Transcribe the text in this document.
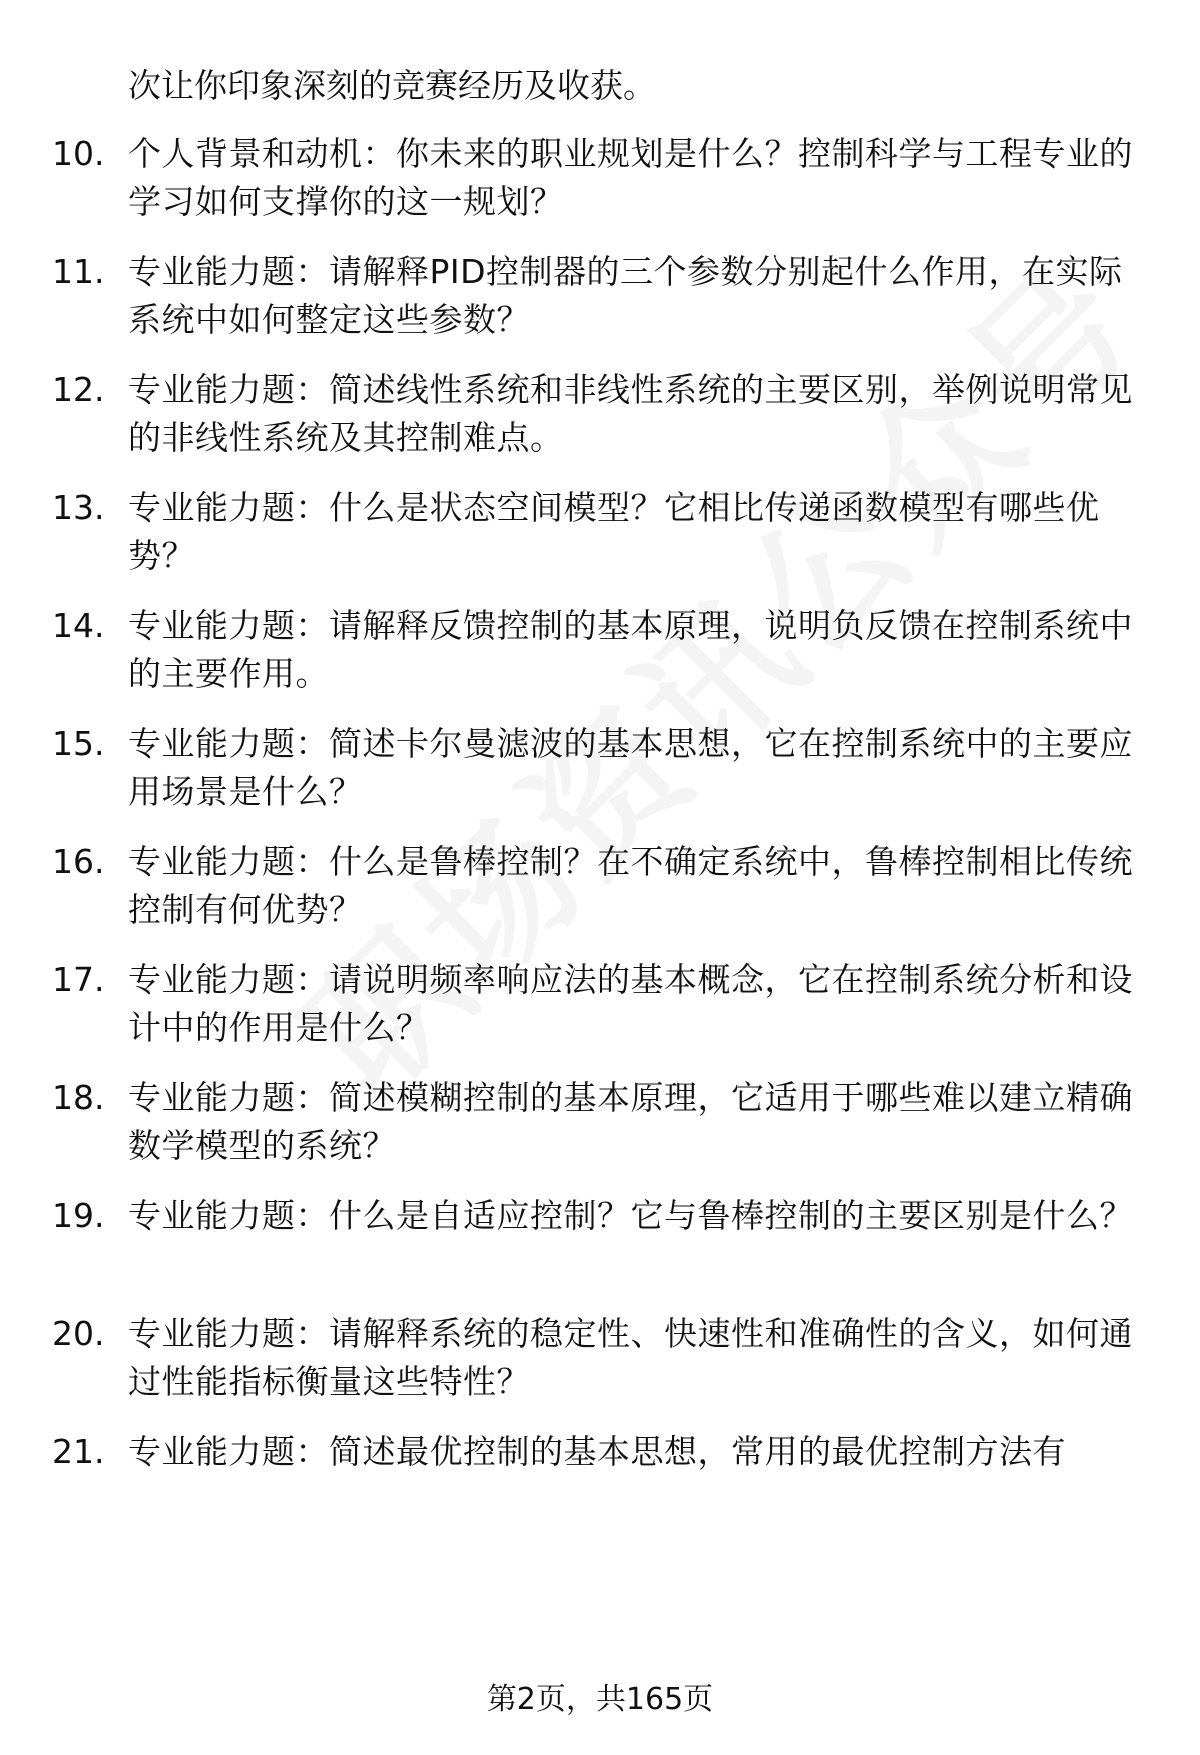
次让你印象深刻的竞赛经历及收获。
10. 个人背景和动机：你未来的职业规划是什么？控制科学与工程专业的学习如何支撑你的这一规划？
11. 专业能力题：请解释PID控制器的三个参数分别起什么作用，在实际系统中如何整定这些参数？
12. 专业能力题：简述线性系统和非线性系统的主要区别，举例说明常见的非线性系统及其控制难点。
13. 专业能力题：什么是状态空间模型？它相比传递函数模型有哪些优势？
14. 专业能力题：请解释反馈控制的基本原理，说明负反馈在控制系统中的主要作用。
15. 专业能力题：简述卡尔曼滤波的基本思想，它在控制系统中的主要应用场景是什么？
16. 专业能力题：什么是鲁棒控制？在不确定系统中，鲁棒控制相比传统控制有何优势？
17. 专业能力题：请说明频率响应法的基本概念，它在控制系统分析和设计中的作用是什么？
18. 专业能力题：简述模糊控制的基本原理，它适用于哪些难以建立精确数学模型的系统？
19. 专业能力题：什么是自适应控制？它与鲁棒控制的主要区别是什么？
20. 专业能力题：请解释系统的稳定性、快速性和准确性的含义，如何通过性能指标衡量这些特性？
21. 专业能力题：简述最优控制的基本思想，常用的最优控制方法有
第2页，共165页
